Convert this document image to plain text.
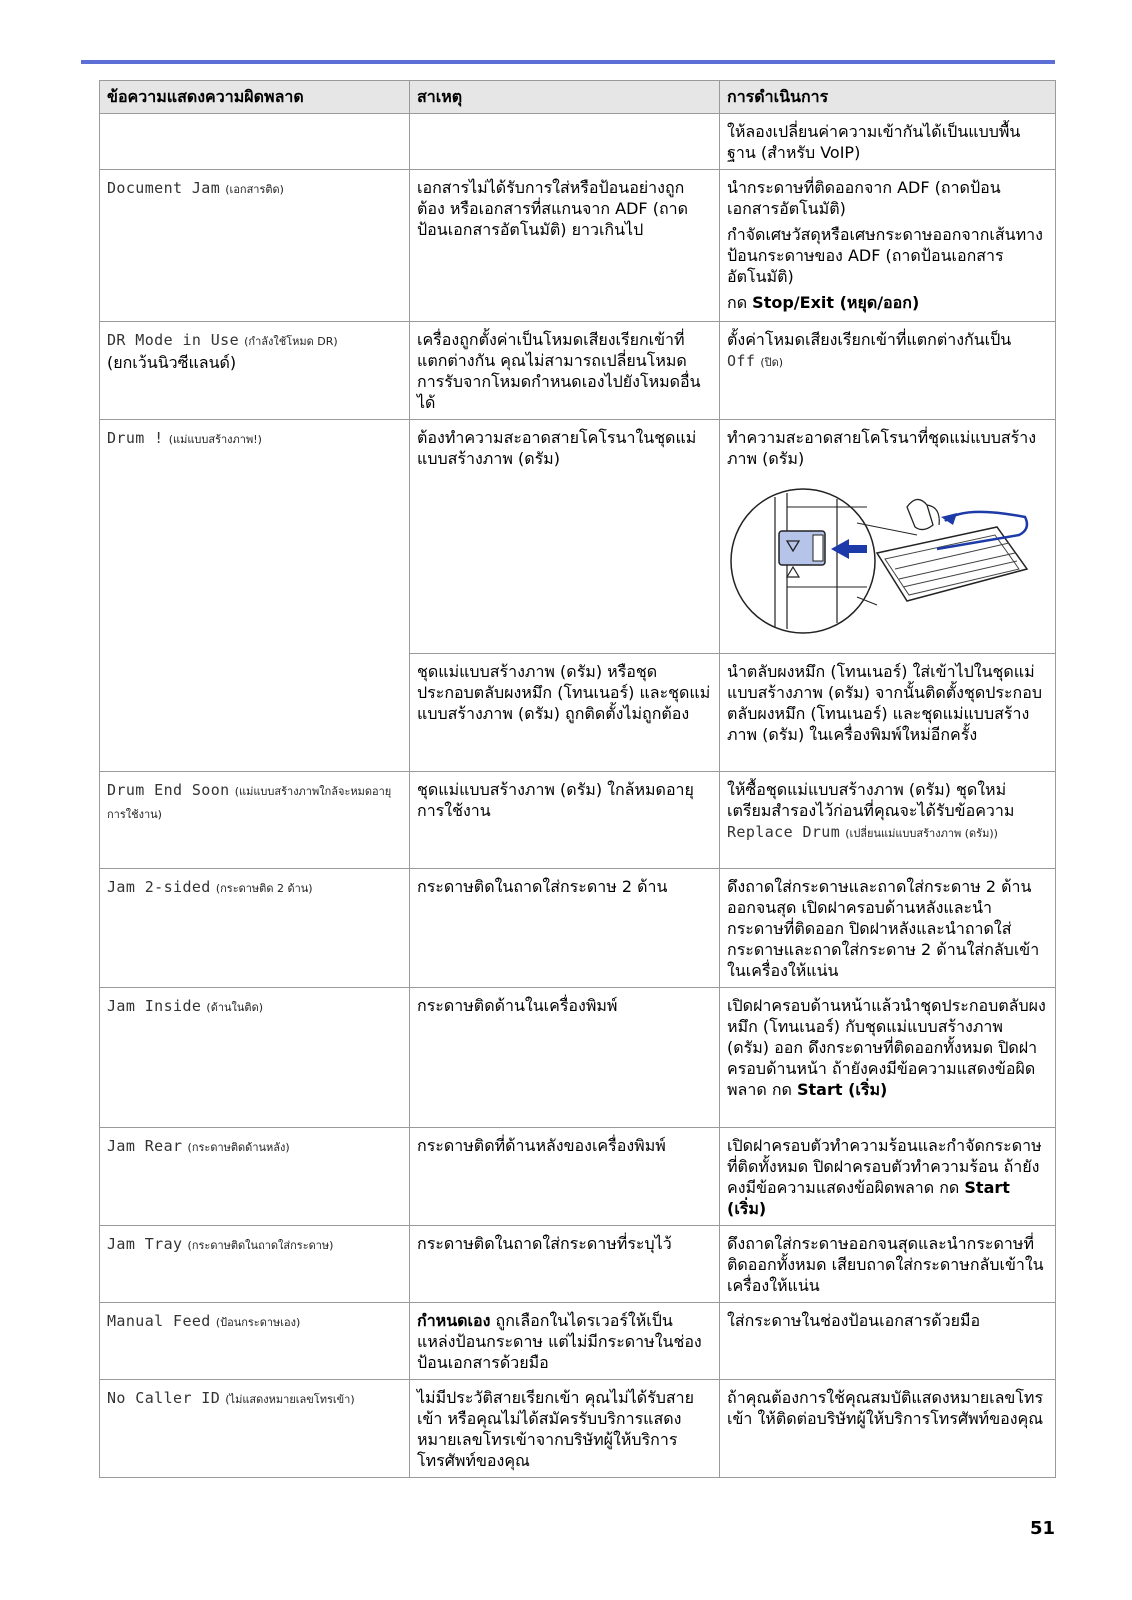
ข้อความแสดงความผิดพลาด	สาเหตุ	การดำเนินการ
		ให้ลองเปลี่ยนค่าความเข้ากันได้เป็นแบบพื้นฐาน (สำหรับ VoIP)
Document Jam (เอกสารติด)	เอกสารไม่ได้รับการใส่หรือป้อนอย่างถูกต้อง หรือเอกสารที่สแกนจาก ADF (ถาดป้อนเอกสารอัตโนมัติ) ยาวเกินไป	นำกระดาษที่ติดออกจาก ADF (ถาดป้อนเอกสารอัตโนมัติ)
กำจัดเศษวัสดุหรือเศษกระดาษออกจากเส้นทางป้อนกระดาษของ ADF (ถาดป้อนเอกสารอัตโนมัติ)
กด Stop/Exit (หยุด/ออก)

DR Mode in Use (กำลังใช้โหมด DR)
(ยกเว้นนิวซีแลนด์)	เครื่องถูกตั้งค่าเป็นโหมดเสียงเรียกเข้าที่แตกต่างกัน คุณไม่สามารถเปลี่ยนโหมดการรับจากโหมดกำหนดเองไปยังโหมดอื่นได้	ตั้งค่าโหมดเสียงเรียกเข้าที่แตกต่างกันเป็น
Off (ปิด)
Drum ! (แม่แบบสร้างภาพ!)	ต้องทำความสะอาดสายโคโรนาในชุดแม่แบบสร้างภาพ (ดรัม)	ทำความสะอาดสายโคโรนาที่ชุดแม่แบบสร้างภาพ (ดรัม)

	ชุดแม่แบบสร้างภาพ (ดรัม) หรือชุดประกอบตลับผงหมึก (โทนเนอร์) และชุดแม่แบบสร้างภาพ (ดรัม) ถูกติดตั้งไม่ถูกต้อง	นำตลับผงหมึก (โทนเนอร์) ใส่เข้าไปในชุดแม่แบบสร้างภาพ (ดรัม) จากนั้นติดตั้งชุดประกอบตลับผงหมึก (โทนเนอร์) และชุดแม่แบบสร้างภาพ (ดรัม) ในเครื่องพิมพ์ใหม่อีกครั้ง
Drum End Soon (แม่แบบสร้างภาพใกล้จะหมดอายุการใช้งาน)	ชุดแม่แบบสร้างภาพ (ดรัม) ใกล้หมดอายุการใช้งาน	ให้ซื้อชุดแม่แบบสร้างภาพ (ดรัม) ชุดใหม่เตรียมสำรองไว้ก่อนที่คุณจะได้รับข้อความ
Replace Drum (เปลี่ยนแม่แบบสร้างภาพ (ดรัม))
Jam 2-sided (กระดาษติด 2 ด้าน)	กระดาษติดในถาดใส่กระดาษ 2 ด้าน	ดึงถาดใส่กระดาษและถาดใส่กระดาษ 2 ด้านออกจนสุด เปิดฝาครอบด้านหลังและนำกระดาษที่ติดออก ปิดฝาหลังและนำถาดใส่กระดาษและถาดใส่กระดาษ 2 ด้านใส่กลับเข้าในเครื่องให้แน่น
Jam Inside (ด้านในติด)	กระดาษติดด้านในเครื่องพิมพ์	เปิดฝาครอบด้านหน้าแล้วนำชุดประกอบตลับผงหมึก (โทนเนอร์) กับชุดแม่แบบสร้างภาพ (ดรัม) ออก ดึงกระดาษที่ติดออกทั้งหมด ปิดฝาครอบด้านหน้า ถ้ายังคงมีข้อความแสดงข้อผิดพลาด กด Start (เริ่ม)
Jam Rear (กระดาษติดด้านหลัง)	กระดาษติดที่ด้านหลังของเครื่องพิมพ์	เปิดฝาครอบตัวทำความร้อนและกำจัดกระดาษที่ติดทั้งหมด ปิดฝาครอบตัวทำความร้อน ถ้ายังคงมีข้อความแสดงข้อผิดพลาด กด Start (เริ่ม)
Jam Tray (กระดาษติดในถาดใส่กระดาษ)	กระดาษติดในถาดใส่กระดาษที่ระบุไว้	ดึงถาดใส่กระดาษออกจนสุดและนำกระดาษที่ติดออกทั้งหมด เสียบถาดใส่กระดาษกลับเข้าในเครื่องให้แน่น
Manual Feed (ป้อนกระดาษเอง)	กำหนดเอง ถูกเลือกในไดรเวอร์ให้เป็นแหล่งป้อนกระดาษ แต่ไม่มีกระดาษในช่องป้อนเอกสารด้วยมือ	ใส่กระดาษในช่องป้อนเอกสารด้วยมือ
No Caller ID (ไม่แสดงหมายเลขโทรเข้า)	ไม่มีประวัติสายเรียกเข้า คุณไม่ได้รับสายเข้า หรือคุณไม่ได้สมัครรับบริการแสดงหมายเลขโทรเข้าจากบริษัทผู้ให้บริการโทรศัพท์ของคุณ	ถ้าคุณต้องการใช้คุณสมบัติแสดงหมายเลขโทรเข้า ให้ติดต่อบริษัทผู้ให้บริการโทรศัพท์ของคุณ
51
